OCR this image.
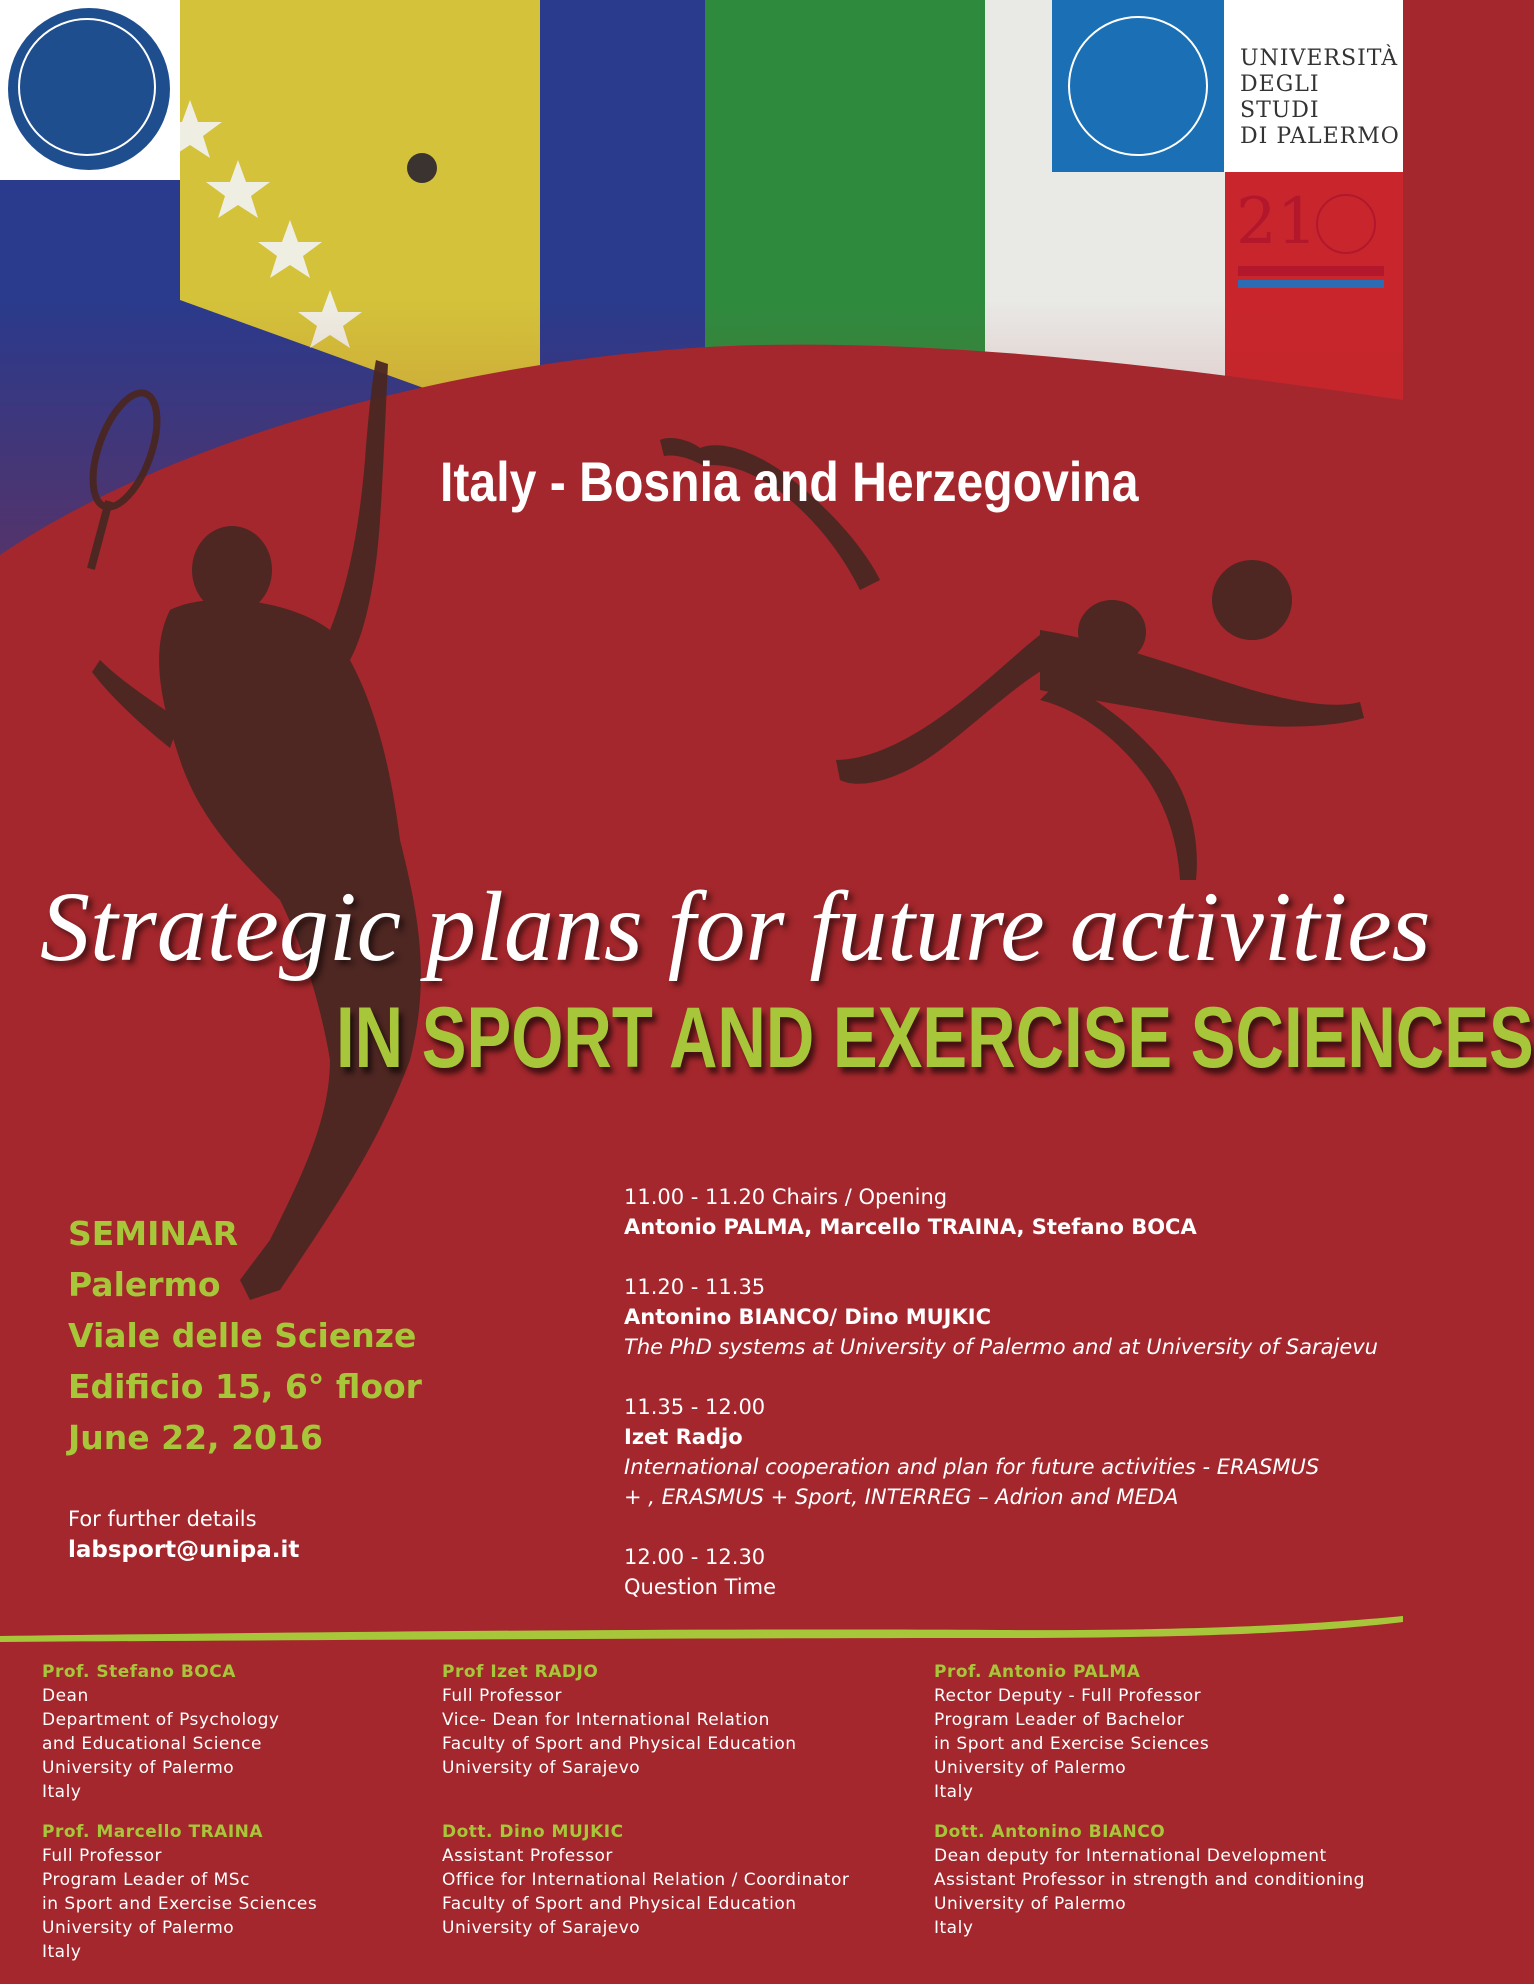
UNIVERSITÀ
DEGLI STUDI
DI PALERMO
21
Italy - Bosnia and Herzegovina
Strategic plans for future activities
IN SPORT AND EXERCISE SCIENCES
SEMINAR
Palermo
Viale delle Scienze
Edificio 15, 6° floor
June 22, 2016
For further details
labsport@unipa.it
11.00 - 11.20 Chairs / Opening
Antonio PALMA, Marcello TRAINA, Stefano BOCA
11.20 - 11.35
Antonino BIANCO/ Dino MUJKIC
The PhD systems at University of Palermo and at University of Sarajevu
11.35 - 12.00
Izet Radjo
International cooperation and plan for future activities - ERASMUS + , ERASMUS + Sport, INTERREG – Adrion and MEDA
12.00 - 12.30
Question Time
Prof. Stefano BOCA
Dean
Department of Psychology
and Educational Science
University of Palermo
Italy
Prof. Marcello TRAINA
Full Professor
Program Leader of MSc
in Sport and Exercise Sciences
University of Palermo
Italy
Prof Izet RADJO
Full Professor
Vice- Dean for International Relation
Faculty of Sport and Physical Education
University of Sarajevo
Dott. Dino MUJKIC
Assistant Professor
Office for International Relation / Coordinator
Faculty of Sport and Physical Education
University of Sarajevo
Prof. Antonio PALMA
Rector Deputy - Full Professor
Program Leader of Bachelor
in Sport and Exercise Sciences
University of Palermo
Italy
Dott. Antonino BIANCO
Dean deputy for International Development
Assistant Professor in strength and conditioning
University of Palermo
Italy
